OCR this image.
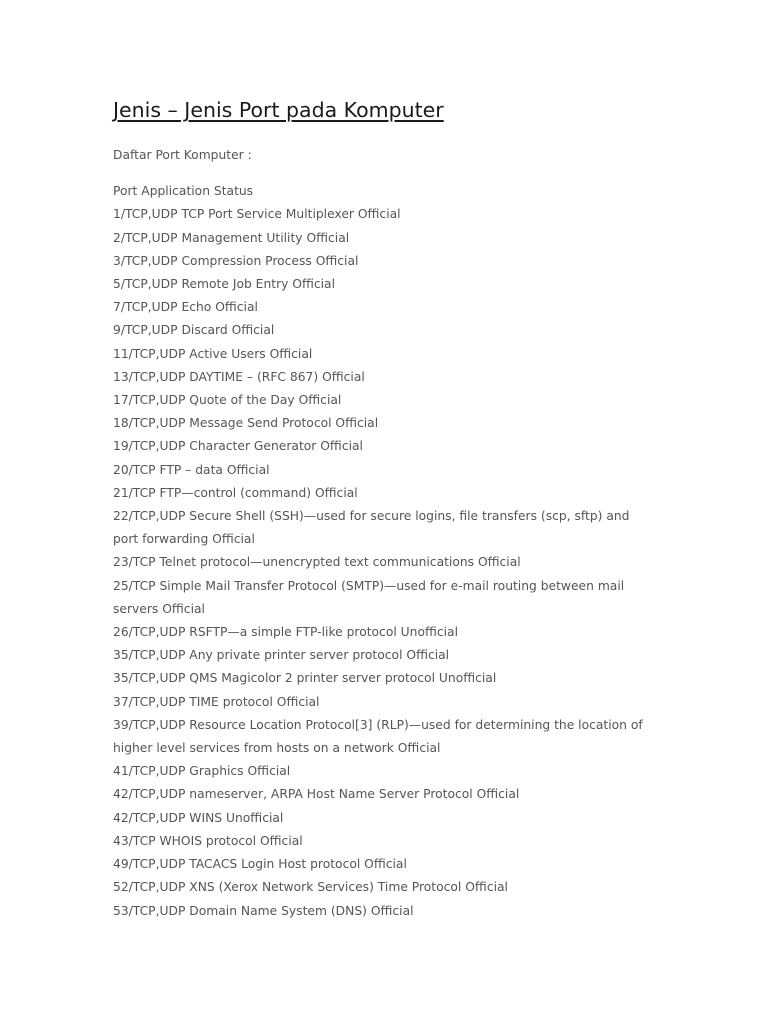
Jenis – Jenis Port pada Komputer
Daftar Port Komputer :
Port Application Status
1/TCP,UDP TCP Port Service Multiplexer Official
2/TCP,UDP Management Utility Official
3/TCP,UDP Compression Process Official
5/TCP,UDP Remote Job Entry Official
7/TCP,UDP Echo Official
9/TCP,UDP Discard Official
11/TCP,UDP Active Users Official
13/TCP,UDP DAYTIME – (RFC 867) Official
17/TCP,UDP Quote of the Day Official
18/TCP,UDP Message Send Protocol Official
19/TCP,UDP Character Generator Official
20/TCP FTP – data Official
21/TCP FTP—control (command) Official
22/TCP,UDP Secure Shell (SSH)—used for secure logins, file transfers (scp, sftp) and port forwarding Official
23/TCP Telnet protocol—unencrypted text communications Official
25/TCP Simple Mail Transfer Protocol (SMTP)—used for e-mail routing between mail servers Official
26/TCP,UDP RSFTP—a simple FTP-like protocol Unofficial
35/TCP,UDP Any private printer server protocol Official
35/TCP,UDP QMS Magicolor 2 printer server protocol Unofficial
37/TCP,UDP TIME protocol Official
39/TCP,UDP Resource Location Protocol[3] (RLP)—used for determining the location of higher level services from hosts on a network Official
41/TCP,UDP Graphics Official
42/TCP,UDP nameserver, ARPA Host Name Server Protocol Official
42/TCP,UDP WINS Unofficial
43/TCP WHOIS protocol Official
49/TCP,UDP TACACS Login Host protocol Official
52/TCP,UDP XNS (Xerox Network Services) Time Protocol Official
53/TCP,UDP Domain Name System (DNS) Official
